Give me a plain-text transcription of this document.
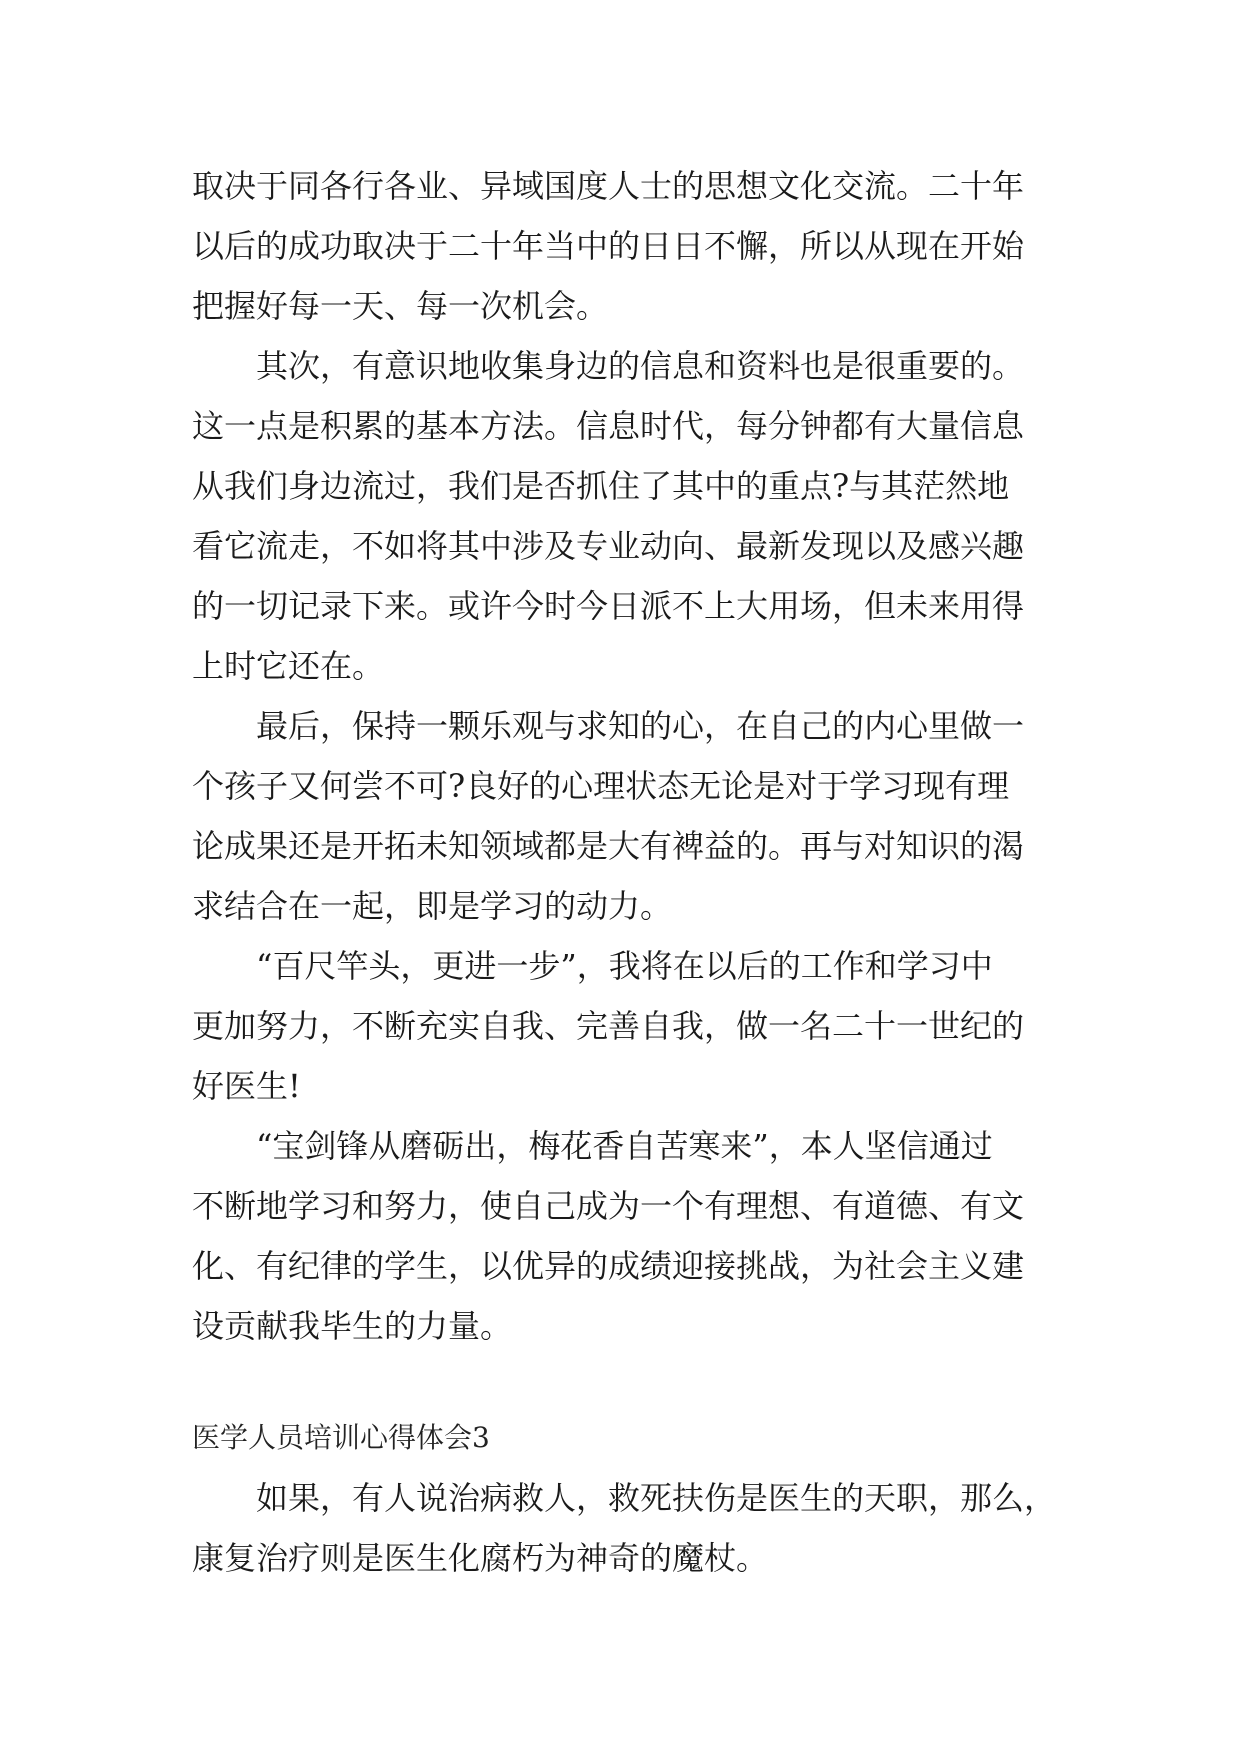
取决于同各行各业、异域国度人士的思想文化交流。二十年
以后的成功取决于二十年当中的日日不懈，所以从现在开始
把握好每一天、每一次机会。
其次，有意识地收集身边的信息和资料也是很重要的。
这一点是积累的基本方法。信息时代，每分钟都有大量信息
从我们身边流过，我们是否抓住了其中的重点?与其茫然地
看它流走，不如将其中涉及专业动向、最新发现以及感兴趣
的一切记录下来。或许今时今日派不上大用场，但未来用得
上时它还在。
最后，保持一颗乐观与求知的心，在自己的内心里做一
个孩子又何尝不可?良好的心理状态无论是对于学习现有理
论成果还是开拓未知领域都是大有裨益的。再与对知识的渴
求结合在一起，即是学习的动力。
“百尺竿头，更进一步”，我将在以后的工作和学习中
更加努力，不断充实自我、完善自我，做一名二十一世纪的
好医生!
“宝剑锋从磨砺出，梅花香自苦寒来”，本人坚信通过
不断地学习和努力，使自己成为一个有理想、有道德、有文
化、有纪律的学生，以优异的成绩迎接挑战，为社会主义建
设贡献我毕生的力量。
医学人员培训心得体会3
如果，有人说治病救人，救死扶伤是医生的天职，那么，
康复治疗则是医生化腐朽为神奇的魔杖。
